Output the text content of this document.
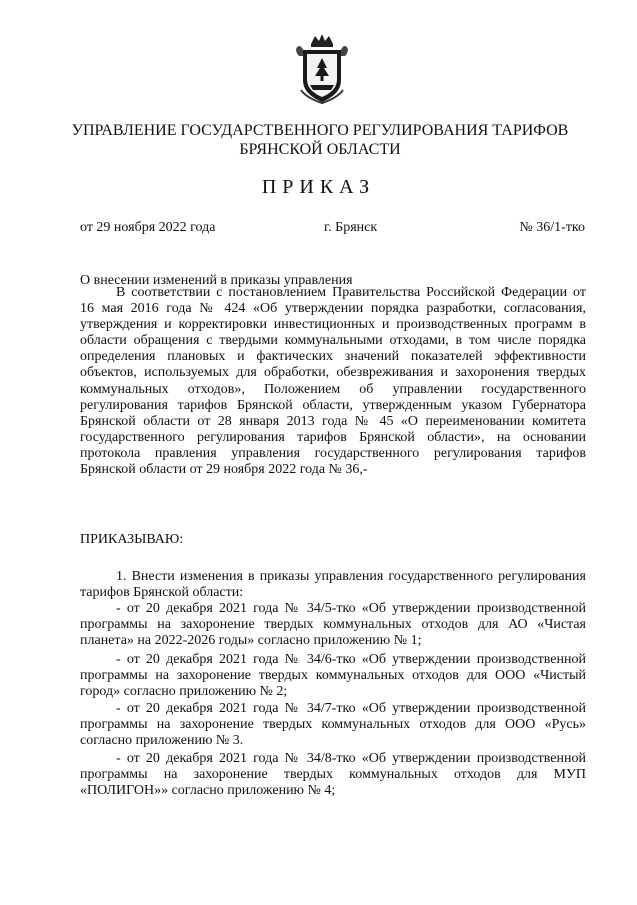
УПРАВЛЕНИЕ ГОСУДАРСТВЕННОГО РЕГУЛИРОВАНИЯ ТАРИФОВ
БРЯНСКОЙ ОБЛАСТИ
ПРИКАЗ
от 29 ноября 2022 года	г. Брянск	№ 36/1-тко
О внесении изменений в приказы управления

В соответствии с постановлением Правительства Российской Федерации от 16 мая 2016 года № 424 «Об утверждении порядка разработки, согласования, утверждения и корректировки инвестиционных и производственных программ в области обращения с твердыми коммунальными отходами, в том числе порядка определения плановых и фактических значений показателей эффективности объектов, используемых для обработки, обезвреживания и захоронения твердых коммунальных отходов», Положением об управлении государственного регулирования тарифов Брянской области, утвержденным указом Губернатора Брянской области от 28 января 2013 года № 45 «О переименовании комитета государственного регулирования тарифов Брянской области», на основании протокола правления управления государственного регулирования тарифов Брянской области от 29 ноября 2022 года № 36,-

ПРИКАЗЫВАЮ:

1. Внести изменения в приказы управления государственного регулирования тарифов Брянской области:

- от 20 декабря 2021 года № 34/5-тко «Об утверждении производственной программы на захоронение твердых коммунальных отходов для АО «Чистая планета» на 2022-2026 годы» согласно приложению № 1;

- от 20 декабря 2021 года № 34/6-тко «Об утверждении производственной программы на захоронение твердых коммунальных отходов для ООО «Чистый город» согласно приложению № 2;

- от 20 декабря 2021 года № 34/7-тко «Об утверждении производственной программы на захоронение твердых коммунальных отходов для ООО «Русь» согласно приложению № 3.

- от 20 декабря 2021 года № 34/8-тко «Об утверждении производственной программы на захоронение твердых коммунальных отходов для МУП «ПОЛИГОН»» согласно приложению № 4;
